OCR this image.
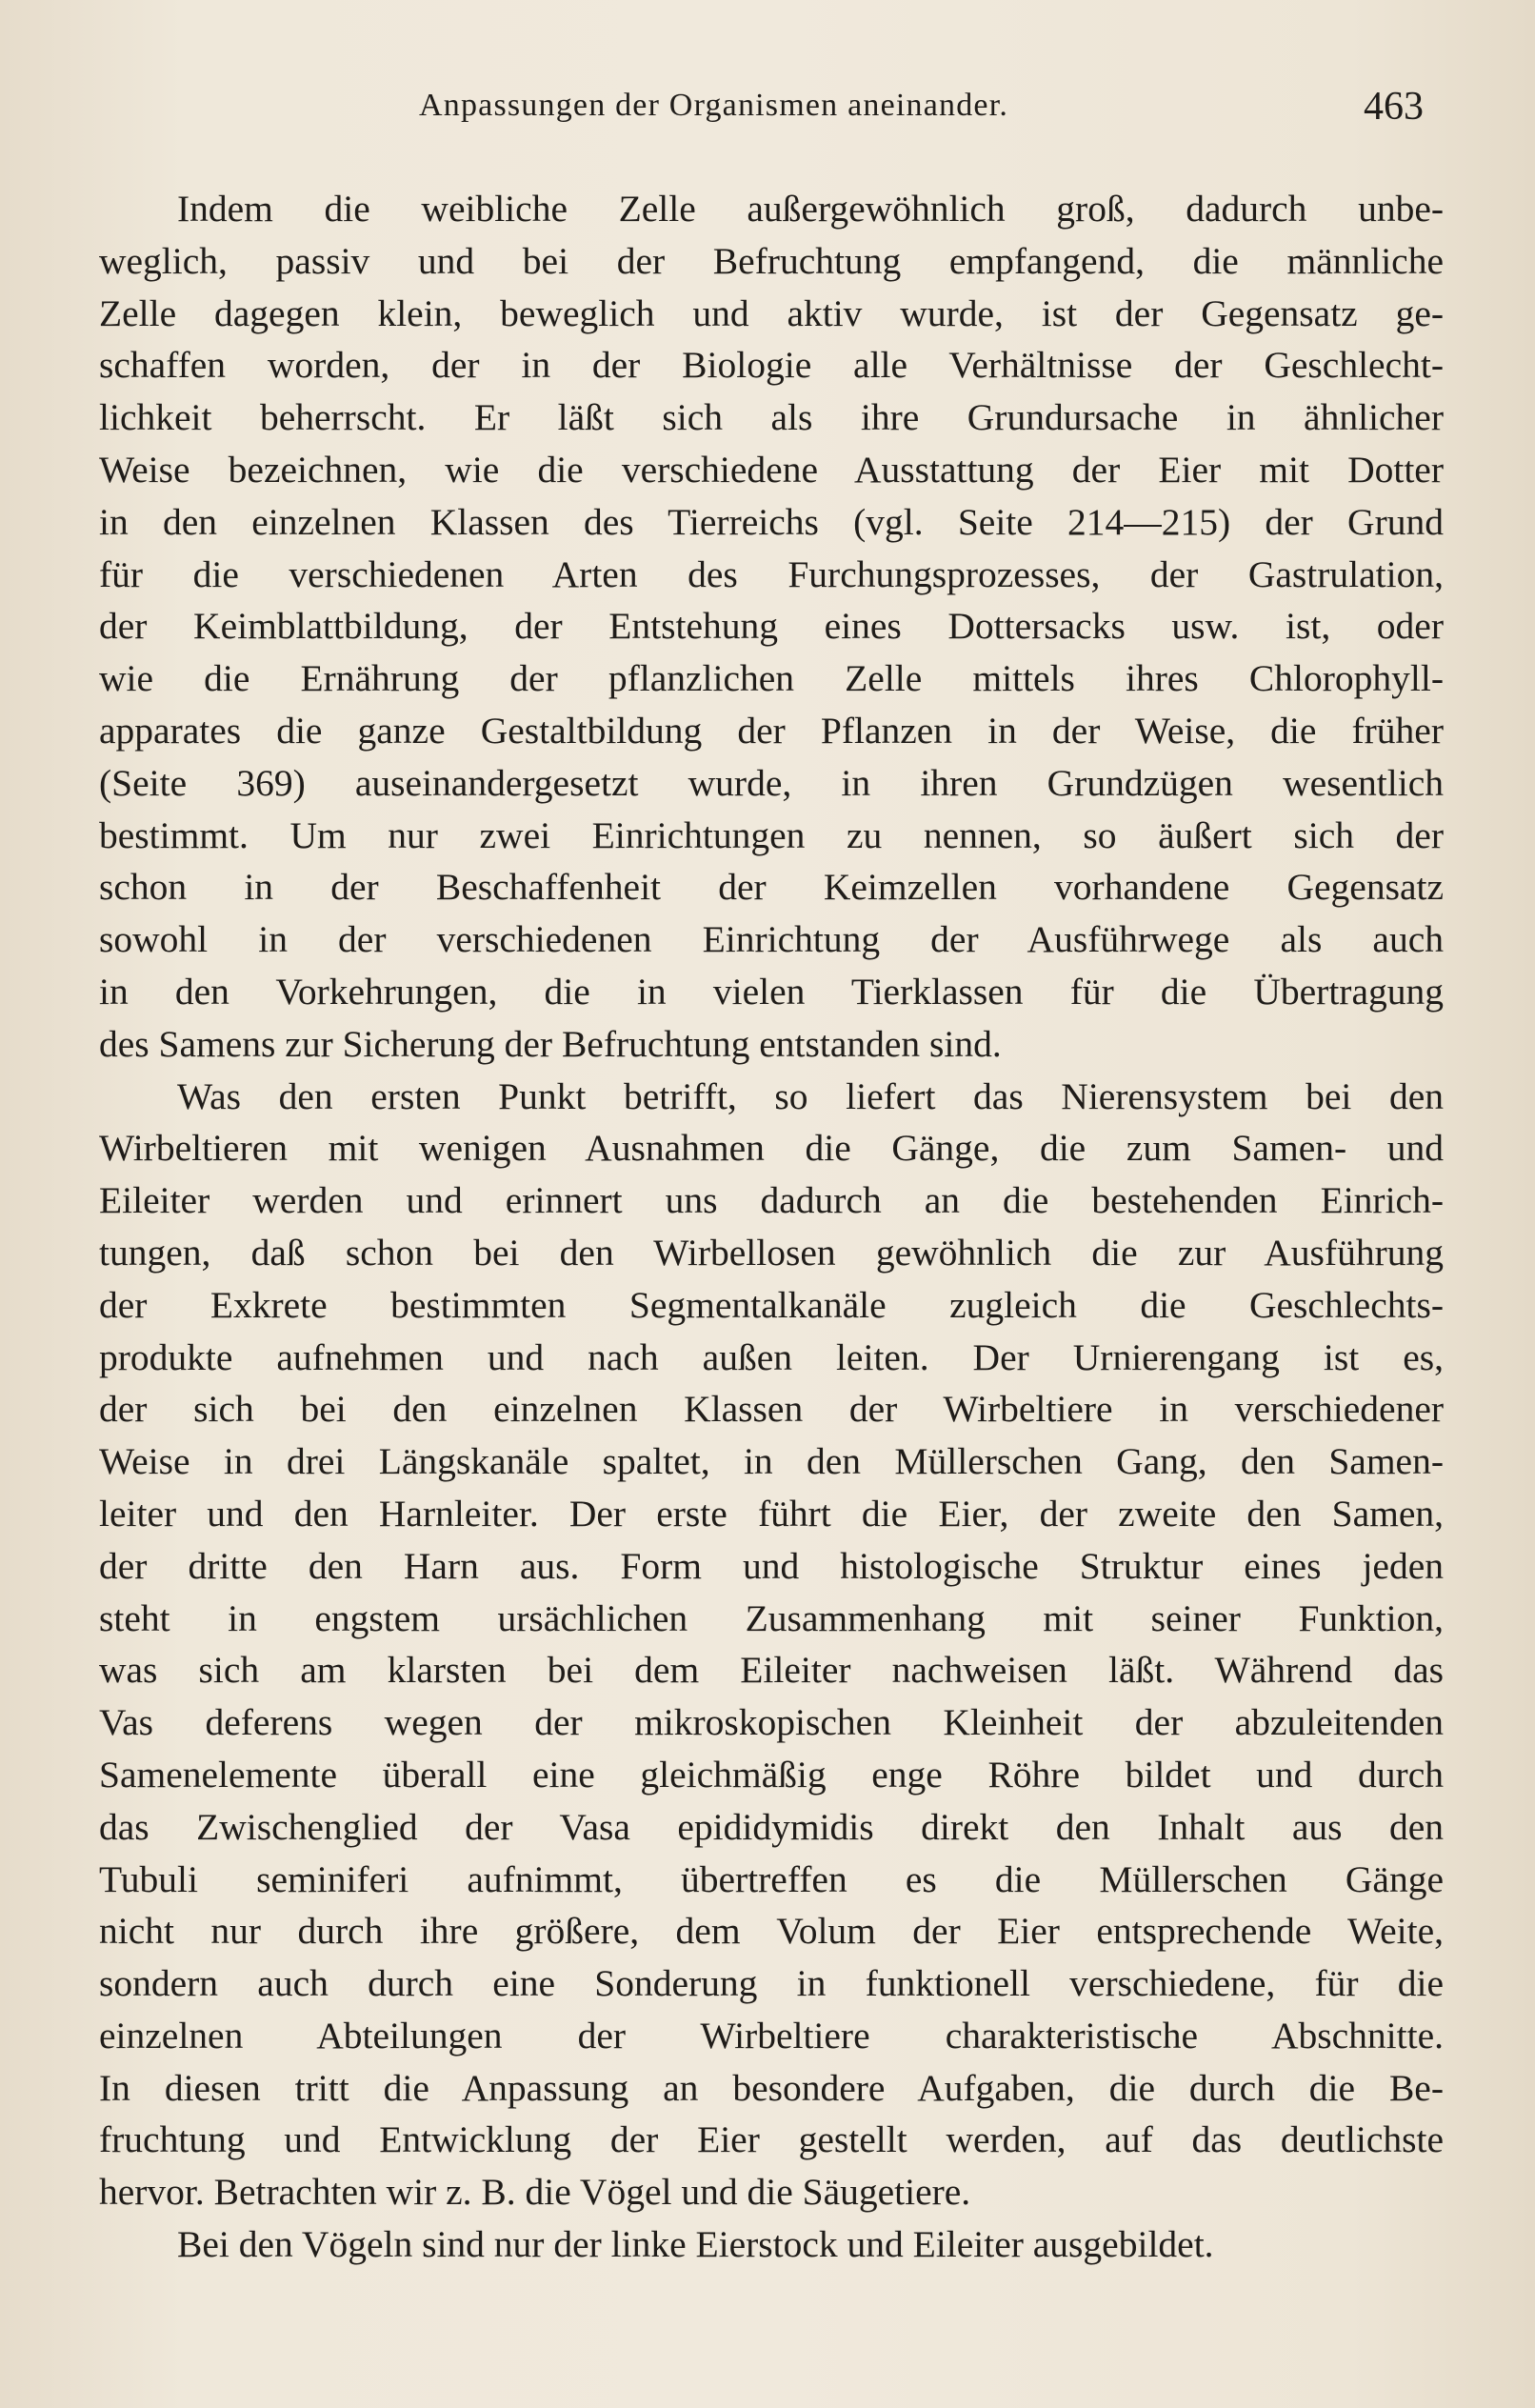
Anpassungen der Organismen aneinander.	463
Indem die weibliche Zelle außergewöhnlich groß, dadurch unbe-
weglich, passiv und bei der Befruchtung empfangend, die männliche
Zelle dagegen klein, beweglich und aktiv wurde, ist der Gegensatz ge-
schaffen worden, der in der Biologie alle Verhältnisse der Geschlecht-
lichkeit beherrscht. Er läßt sich als ihre Grundursache in ähnlicher
Weise bezeichnen, wie die verschiedene Ausstattung der Eier mit Dotter
in den einzelnen Klassen des Tierreichs (vgl. Seite 214—215) der Grund
für die verschiedenen Arten des Furchungsprozesses, der Gastrulation,
der Keimblattbildung, der Entstehung eines Dottersacks usw. ist, oder
wie die Ernährung der pflanzlichen Zelle mittels ihres Chlorophyll-
apparates die ganze Gestaltbildung der Pflanzen in der Weise, die früher
(Seite 369) auseinandergesetzt wurde, in ihren Grundzügen wesentlich
bestimmt. Um nur zwei Einrichtungen zu nennen, so äußert sich der
schon in der Beschaffenheit der Keimzellen vorhandene Gegensatz
sowohl in der verschiedenen Einrichtung der Ausführwege als auch
in den Vorkehrungen, die in vielen Tierklassen für die Übertragung
des Samens zur Sicherung der Befruchtung entstanden sind.
Was den ersten Punkt betrifft, so liefert das Nierensystem bei den
Wirbeltieren mit wenigen Ausnahmen die Gänge, die zum Samen- und
Eileiter werden und erinnert uns dadurch an die bestehenden Einrich-
tungen, daß schon bei den Wirbellosen gewöhnlich die zur Ausführung
der Exkrete bestimmten Segmentalkanäle zugleich die Geschlechts-
produkte aufnehmen und nach außen leiten. Der Urnierengang ist es,
der sich bei den einzelnen Klassen der Wirbeltiere in verschiedener
Weise in drei Längskanäle spaltet, in den Müllerschen Gang, den Samen-
leiter und den Harnleiter. Der erste führt die Eier, der zweite den Samen,
der dritte den Harn aus. Form und histologische Struktur eines jeden
steht in engstem ursächlichen Zusammenhang mit seiner Funktion,
was sich am klarsten bei dem Eileiter nachweisen läßt. Während das
Vas deferens wegen der mikroskopischen Kleinheit der abzuleitenden
Samenelemente überall eine gleichmäßig enge Röhre bildet und durch
das Zwischenglied der Vasa epididymidis direkt den Inhalt aus den
Tubuli seminiferi aufnimmt, übertreffen es die Müllerschen Gänge
nicht nur durch ihre größere, dem Volum der Eier entsprechende Weite,
sondern auch durch eine Sonderung in funktionell verschiedene, für die
einzelnen Abteilungen der Wirbeltiere charakteristische Abschnitte.
In diesen tritt die Anpassung an besondere Aufgaben, die durch die Be-
fruchtung und Entwicklung der Eier gestellt werden, auf das deutlichste
hervor. Betrachten wir z. B. die Vögel und die Säugetiere.
Bei den Vögeln sind nur der linke Eierstock und Eileiter ausgebildet.
